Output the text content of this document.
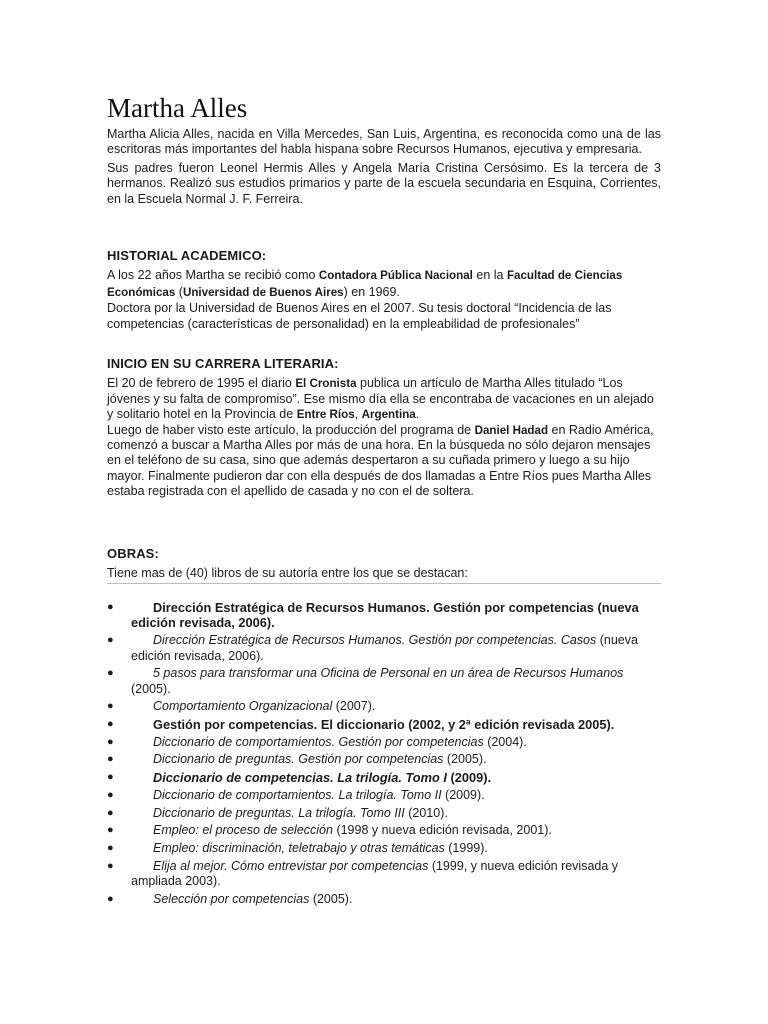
Martha Alles

Martha Alicia Alles, nacida en Villa Mercedes, San Luis, Argentina, es reconocida como una de las escritoras más importantes del habla hispana sobre Recursos Humanos, ejecutiva y empresaria.

Sus padres fueron Leonel Hermis Alles y Angela María Cristina Cersósimo. Es la tercera de 3 hermanos. Realizó sus estudios primarios y parte de la escuela secundaria en Esquina, Corrientes, en la Escuela Normal J. F. Ferreira.

HISTORIAL ACADEMICO:

A los 22 años Martha se recibió como Contadora Pública Nacional en la Facultad de Ciencias Económicas (Universidad de Buenos Aires) en 1969.

Doctora por la Universidad de Buenos Aires en el 2007. Su tesis doctoral “Incidencia de las competencias (características de personalidad) en la empleabilidad de profesionales”

INICIO EN SU CARRERA LITERARIA:

El 20 de febrero de 1995 el diario El Cronista publica un artículo de Martha Alles titulado “Los jóvenes y su falta de compromiso”. Ese mismo día ella se encontraba de vacaciones en un alejado y solitario hotel en la Provincia de Entre Ríos, Argentina.

Luego de haber visto este artículo, la producción del programa de Daniel Hadad en Radio América, comenzó a buscar a Martha Alles por más de una hora. En la búsqueda no sólo dejaron mensajes en el teléfono de su casa, sino que además despertaron a su cuñada primero y luego a su hijo mayor. Finalmente pudieron dar con ella después de dos llamadas a Entre Ríos pues Martha Alles estaba registrada con el apellido de casada y no con el de soltera.

OBRAS:

Tiene mas de (40) libros de su autoría entre los que se destacan:

●	Dirección Estratégica de Recursos Humanos. Gestión por competencias (nueva edición revisada, 2006).
●	Dirección Estratégica de Recursos Humanos. Gestión por competencias. Casos (nueva edición revisada, 2006).
●	5 pasos para transformar una Oficina de Personal en un área de Recursos Humanos (2005).
●	Comportamiento Organizacional (2007).
●	Gestión por competencias. El diccionario (2002, y 2ª edición revisada 2005).
●	Diccionario de comportamientos. Gestión por competencias (2004).
●	Diccionario de preguntas. Gestión por competencias (2005).
●	Diccionario de competencias. La trilogía. Tomo I (2009).
●	Diccionario de comportamientos. La trilogía. Tomo II (2009).
●	Diccionario de preguntas. La trilogía. Tomo III (2010).
●	Empleo: el proceso de selección (1998 y nueva edición revisada, 2001).
●	Empleo: discriminación, teletrabajo y otras temáticas (1999).
●	Elija al mejor. Cómo entrevistar por competencias (1999, y nueva edición revisada y ampliada 2003).
●	Selección por competencias (2005).
